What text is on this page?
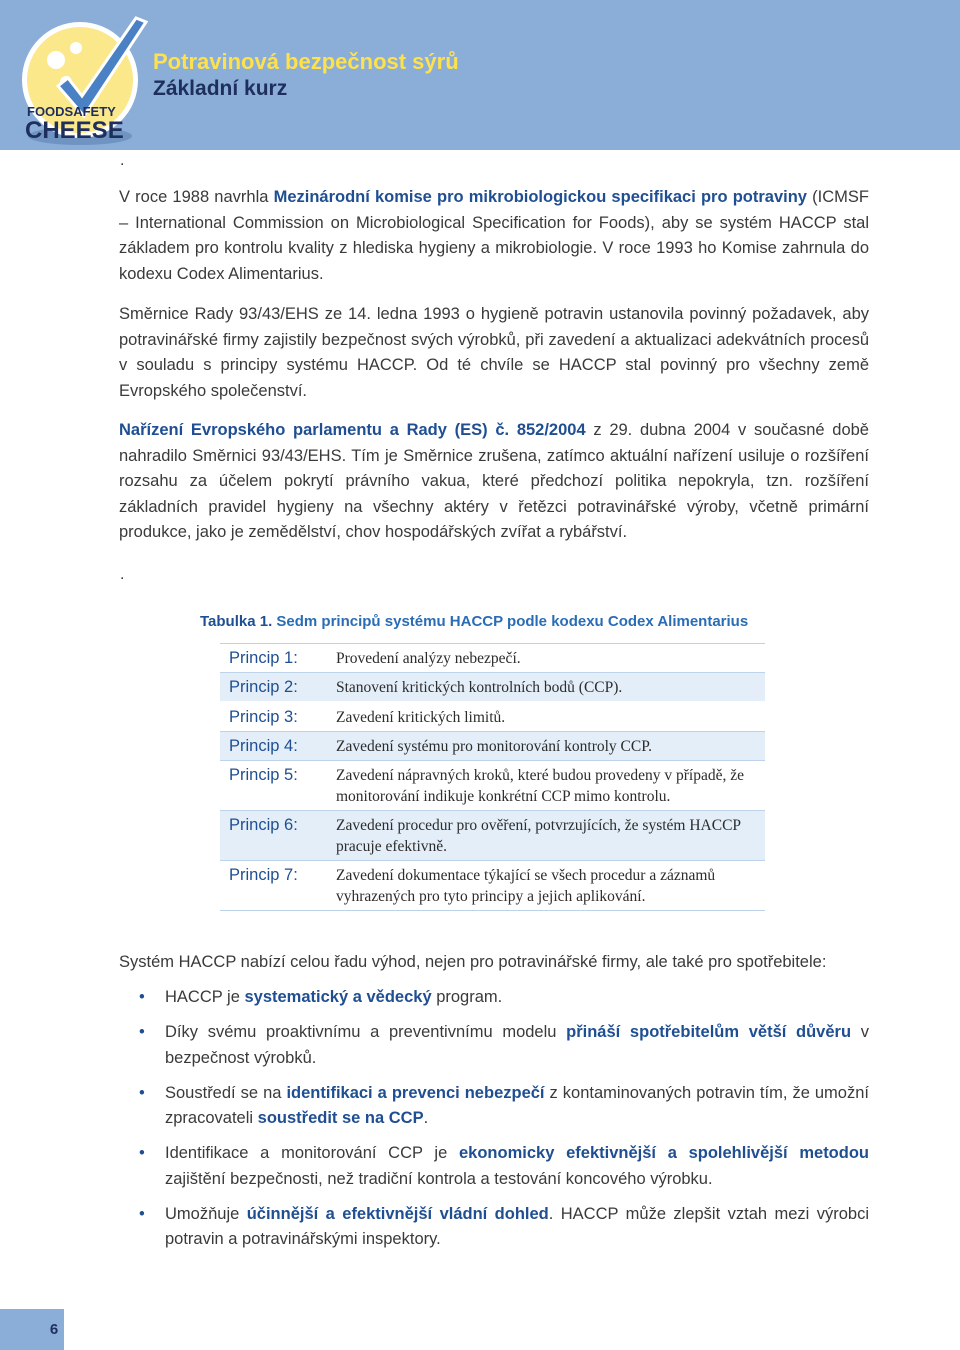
FOODSAFETY
CHEESE
Potravinová bezpečnost sýrů
Základní kurz
.
V roce 1988 navrhla Mezinárodní komise pro mikrobiologickou specifikaci pro potraviny (ICMSF – International Commission on Microbiological Specification for Foods), aby se systém HACCP stal základem pro kontrolu kvality z hlediska hygieny a mikrobiologie. V roce 1993 ho Komise zahrnula do kodexu Codex Alimentarius.
Směrnice Rady 93/43/EHS ze 14. ledna 1993 o hygieně potravin ustanovila povinný požadavek, aby potravinářské firmy zajistily bezpečnost svých výrobků, při zavedení a aktualizaci adekvátních procesů v souladu s principy systému HACCP. Od té chvíle se HACCP stal povinný pro všechny země Evropského společenství.
Nařízení Evropského parlamentu a Rady (ES) č. 852/2004 z 29. dubna 2004 v současné době nahradilo Směrnici 93/43/EHS. Tím je Směrnice zrušena, zatímco aktuální nařízení usiluje o rozšíření rozsahu za účelem pokrytí právního vakua, které předchozí politika nepokryla, tzn. rozšíření základních pravidel hygieny na všechny aktéry v řetězci potravinářské výroby, včetně primární produkce, jako je zemědělství, chov hospodářských zvířat a rybářství.
.
Tabulka 1. Sedm principů systému HACCP podle kodexu Codex Alimentarius
Princip 1:	Provedení analýzy nebezpečí.
Princip 2:	Stanovení kritických kontrolních bodů (CCP).
Princip 3:	Zavedení kritických limitů.
Princip 4:	Zavedení systému pro monitorování kontroly CCP.
Princip 5:	Zavedení nápravných kroků, které budou provedeny v případě, že monitorování indikuje konkrétní CCP mimo kontrolu.
Princip 6:	Zavedení procedur pro ověření, potvrzujících, že systém HACCP pracuje efektivně.
Princip 7:	Zavedení dokumentace týkající se všech procedur a záznamů vyhrazených pro tyto principy a jejich aplikování.
Systém HACCP nabízí celou řadu výhod, nejen pro potravinářské firmy, ale také pro spotřebitele:
• HACCP je systematický a vědecký program.
• Díky svému proaktivnímu a preventivnímu modelu přináší spotřebitelům větší důvěru v bezpečnost výrobků.
• Soustředí se na identifikaci a prevenci nebezpečí z kontaminovaných potravin tím, že umožní zpracovateli soustředit se na CCP.
• Identifikace a monitorování CCP je ekonomicky efektivnější a spolehlivější metodou zajištění bezpečnosti, než tradiční kontrola a testování koncového výrobku.
• Umožňuje účinnější a efektivnější vládní dohled. HACCP může zlepšit vztah mezi výrobci potravin a potravinářskými inspektory.
6
